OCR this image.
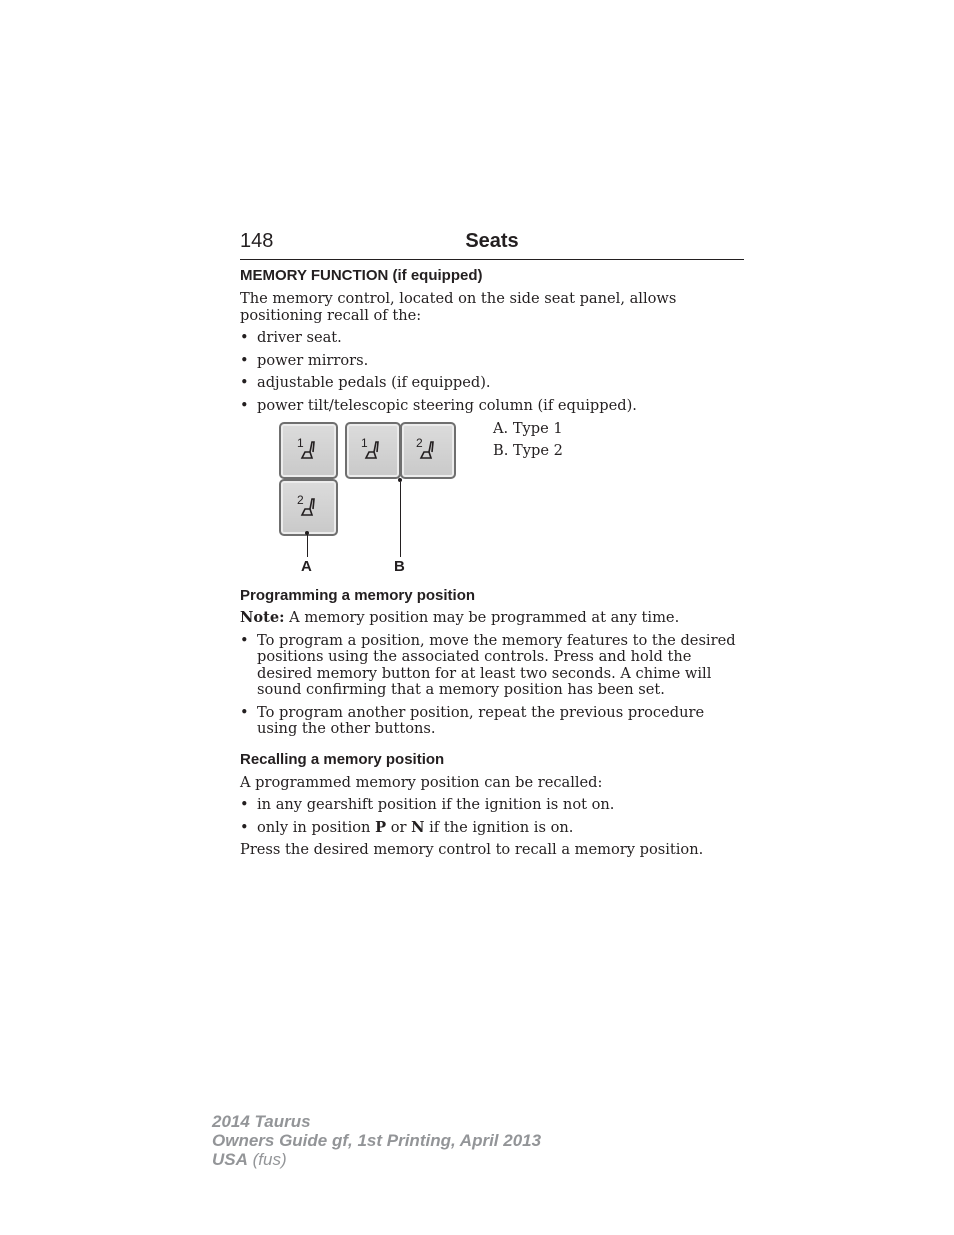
148	Seats
MEMORY FUNCTION (if equipped)

The memory control, located on the side seat panel, allows positioning recall of the:

• driver seat.
• power mirrors.
• adjustable pedals (if equipped).
• power tilt/telescopic steering column (if equipped).
1
2
A
1	2
B

A. Type 1

B. Type 2

Programming a memory position

Note: A memory position may be programmed at any time.

• To program a position, move the memory features to the desired positions using the associated controls. Press and hold the desired memory button for at least two seconds. A chime will sound confirming that a memory position has been set.
• To program another position, repeat the previous procedure using the other buttons.
Recalling a memory position

A programmed memory position can be recalled:

• in any gearshift position if the ignition is not on.
• only in position P or N if the ignition is on.

Press the desired memory control to recall a memory position.

2014 Taurus
Owners Guide gf, 1st Printing, April 2013
USA (fus)
